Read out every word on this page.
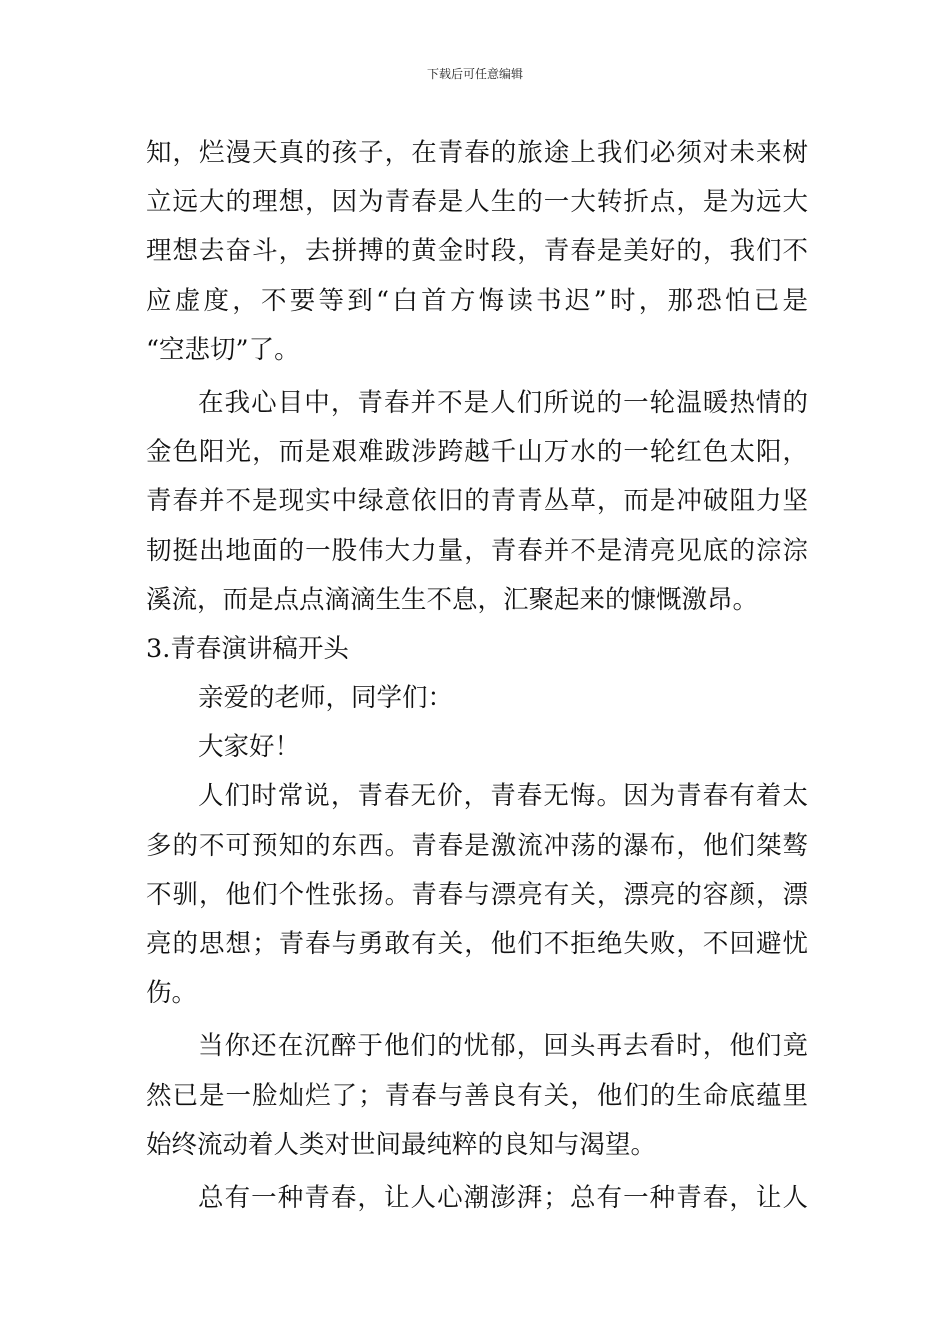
下载后可任意编辑
知，烂漫天真的孩子，在青春的旅途上我们必须对未来树
立远大的理想，因为青春是人生的一大转折点，是为远大
理想去奋斗，去拼搏的黄金时段，青春是美好的，我们不
应虚度，不要等到“白首方悔读书迟”时，那恐怕已是
“空悲切”了。
在我心目中，青春并不是人们所说的一轮温暖热情的
金色阳光，而是艰难跋涉跨越千山万水的一轮红色太阳，
青春并不是现实中绿意依旧的青青丛草，而是冲破阻力坚
韧挺出地面的一股伟大力量，青春并不是清亮见底的淙淙
溪流，而是点点滴滴生生不息，汇聚起来的慷慨激昂。
3.青春演讲稿开头
亲爱的老师，同学们：
大家好！
人们时常说，青春无价，青春无悔。因为青春有着太
多的不可预知的东西。青春是激流冲荡的瀑布，他们桀骜
不驯，他们个性张扬。青春与漂亮有关，漂亮的容颜，漂
亮的思想；青春与勇敢有关，他们不拒绝失败，不回避忧
伤。
当你还在沉醉于他们的忧郁，回头再去看时，他们竟
然已是一脸灿烂了；青春与善良有关，他们的生命底蕴里
始终流动着人类对世间最纯粹的良知与渴望。
总有一种青春，让人心潮澎湃；总有一种青春，让人
